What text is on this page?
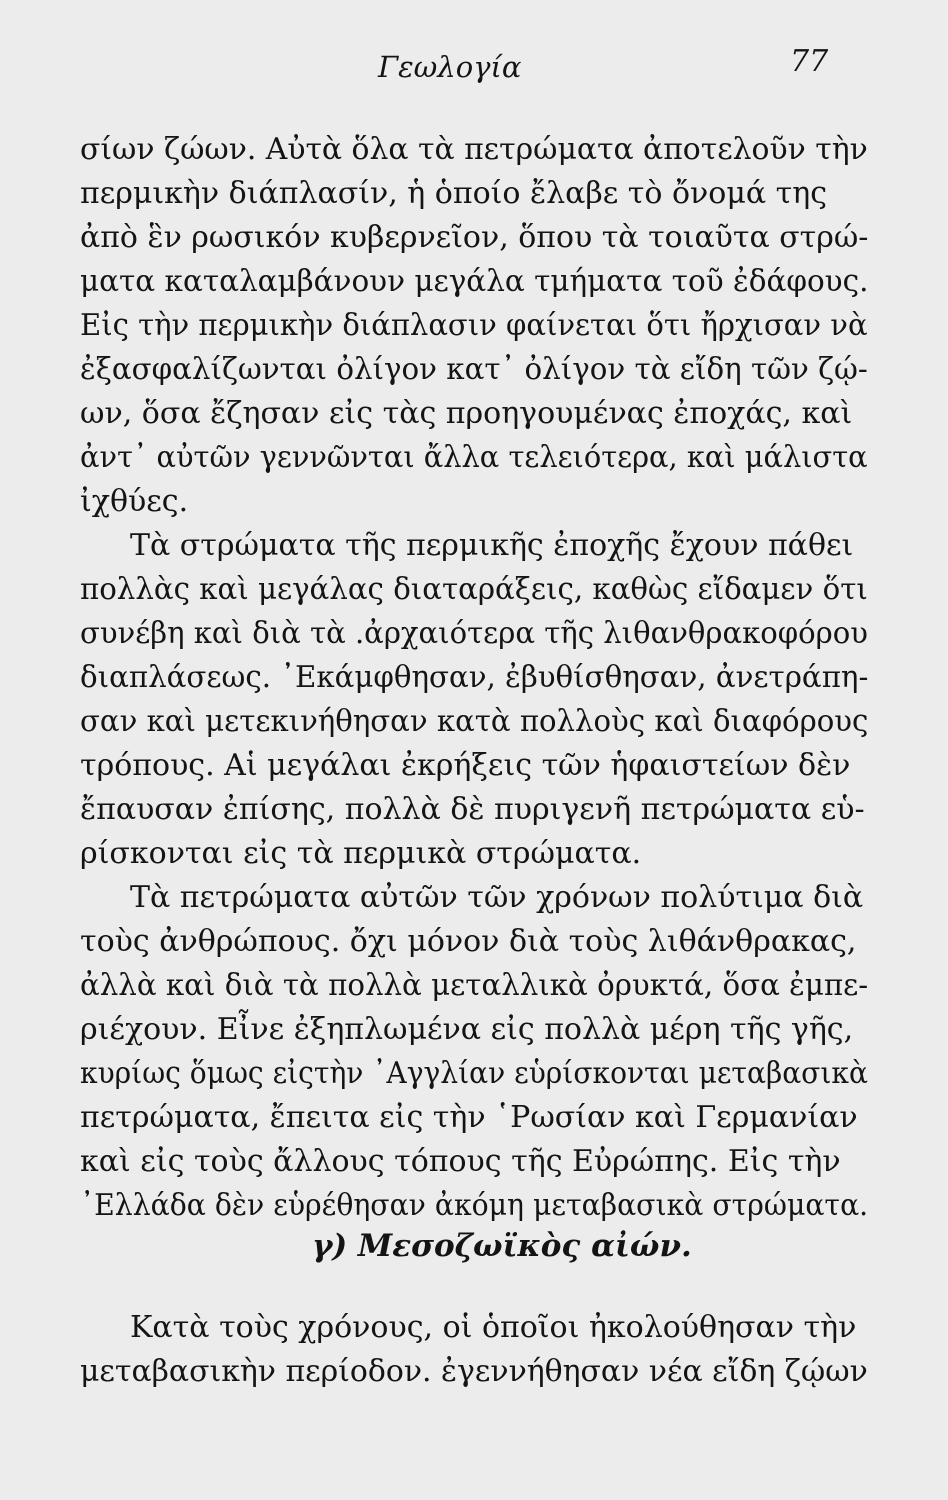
Γεωλογία	77
σίων ζώων. Αὐτὰ ὅλα τὰ πετρώματα ἀποτελοῦν τὴν
περμικὴν διάπλασίν, ἡ ὁποίο ἔλαβε τὸ ὄνομά της
ἀπὸ ἓν ρωσικόν κυβερνεῖον, ὅπου τὰ τοιαῦτα στρώ-
ματα καταλαμβάνουν μεγάλα τμήματα τοῦ ἐδάφους.
Εἰς τὴν περμικὴν διάπλασιν φαίνεται ὅτι ἤρχισαν νὰ
ἐξασφαλίζωνται ὀλίγον κατ᾿ ὀλίγον τὰ εἴδη τῶν ζῴ-
ων, ὅσα ἔζησαν εἰς τὰς προηγουμένας ἐποχάς, καὶ
ἀντ᾿ αὐτῶν γεννῶνται ἄλλα τελειότερα, καὶ μάλιστα
ἰχθύες.
Τὰ στρώματα τῆς περμικῆς ἐποχῆς ἔχουν πάθει
πολλὰς καὶ μεγάλας διαταράξεις, καθὼς εἴδαμεν ὅτι
συνέβη καὶ διὰ τὰ .ἀρχαιότερα τῆς λιθανθρακοφόρου
διαπλάσεως. ᾿Εκάμφθησαν, ἐβυθίσθησαν, ἀνετράπη-
σαν καὶ μετεκινήθησαν κατὰ πολλοὺς καὶ διαφόρους
τρόπους. Αἱ μεγάλαι ἐκρήξεις τῶν ἡφαιστείων δὲν
ἔπαυσαν ἐπίσης, πολλὰ δὲ πυριγενῆ πετρώματα εὑ-
ρίσκονται εἰς τὰ περμικὰ στρώματα.
Τὰ πετρώματα αὐτῶν τῶν χρόνων πολύτιμα διὰ
τοὺς ἀνθρώπους. ὄχι μόνον διὰ τοὺς λιθάνθρακας,
ἀλλὰ καὶ διὰ τὰ πολλὰ μεταλλικὰ ὀρυκτά, ὅσα ἐμπε-
ριέχουν. Εἶνε ἐξηπλωμένα εἰς πολλὰ μέρη τῆς γῆς,
κυρίως ὅμως εἰςτὴν ᾿Αγγλίαν εὑρίσκονται μεταβασικὰ
πετρώματα, ἔπειτα εἰς τὴν ῾Ρωσίαν καὶ Γερμανίαν
καὶ εἰς τοὺς ἄλλους τόπους τῆς Εὐρώπης. Εἰς τὴν
᾿Ελλάδα δὲν εὑρέθησαν ἀκόμη μεταβασικὰ στρώματα.
γ) Μεσοζωϊκὸς αἰών.
Κατὰ τοὺς χρόνους, οἱ ὁποῖοι ἠκολούθησαν τὴν
μεταβασικὴν περίοδον. ἐγεννήθησαν νέα εἴδη ζῴων
